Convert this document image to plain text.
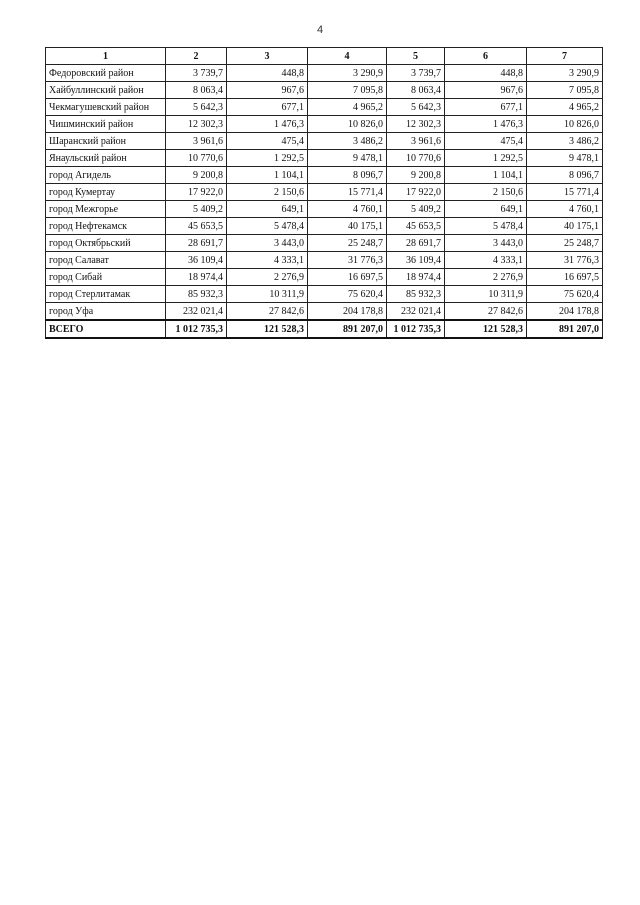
4
1	2	3	4	5	6	7
Федоровский район	3 739,7	448,8	3 290,9	3 739,7	448,8	3 290,9
Хайбуллинский район	8 063,4	967,6	7 095,8	8 063,4	967,6	7 095,8
Чекмагушевский район	5 642,3	677,1	4 965,2	5 642,3	677,1	4 965,2
Чишминский район	12 302,3	1 476,3	10 826,0	12 302,3	1 476,3	10 826,0
Шаранский район	3 961,6	475,4	3 486,2	3 961,6	475,4	3 486,2
Янаульский район	10 770,6	1 292,5	9 478,1	10 770,6	1 292,5	9 478,1
город Агидель	9 200,8	1 104,1	8 096,7	9 200,8	1 104,1	8 096,7
город Кумертау	17 922,0	2 150,6	15 771,4	17 922,0	2 150,6	15 771,4
город Межгорье	5 409,2	649,1	4 760,1	5 409,2	649,1	4 760,1
город Нефтекамск	45 653,5	5 478,4	40 175,1	45 653,5	5 478,4	40 175,1
город Октябрьский	28 691,7	3 443,0	25 248,7	28 691,7	3 443,0	25 248,7
город Салават	36 109,4	4 333,1	31 776,3	36 109,4	4 333,1	31 776,3
город Сибай	18 974,4	2 276,9	16 697,5	18 974,4	2 276,9	16 697,5
город Стерлитамак	85 932,3	10 311,9	75 620,4	85 932,3	10 311,9	75 620,4
город Уфа	232 021,4	27 842,6	204 178,8	232 021,4	27 842,6	204 178,8
ВСЕГО	1 012 735,3	121 528,3	891 207,0	1 012 735,3	121 528,3	891 207,0
